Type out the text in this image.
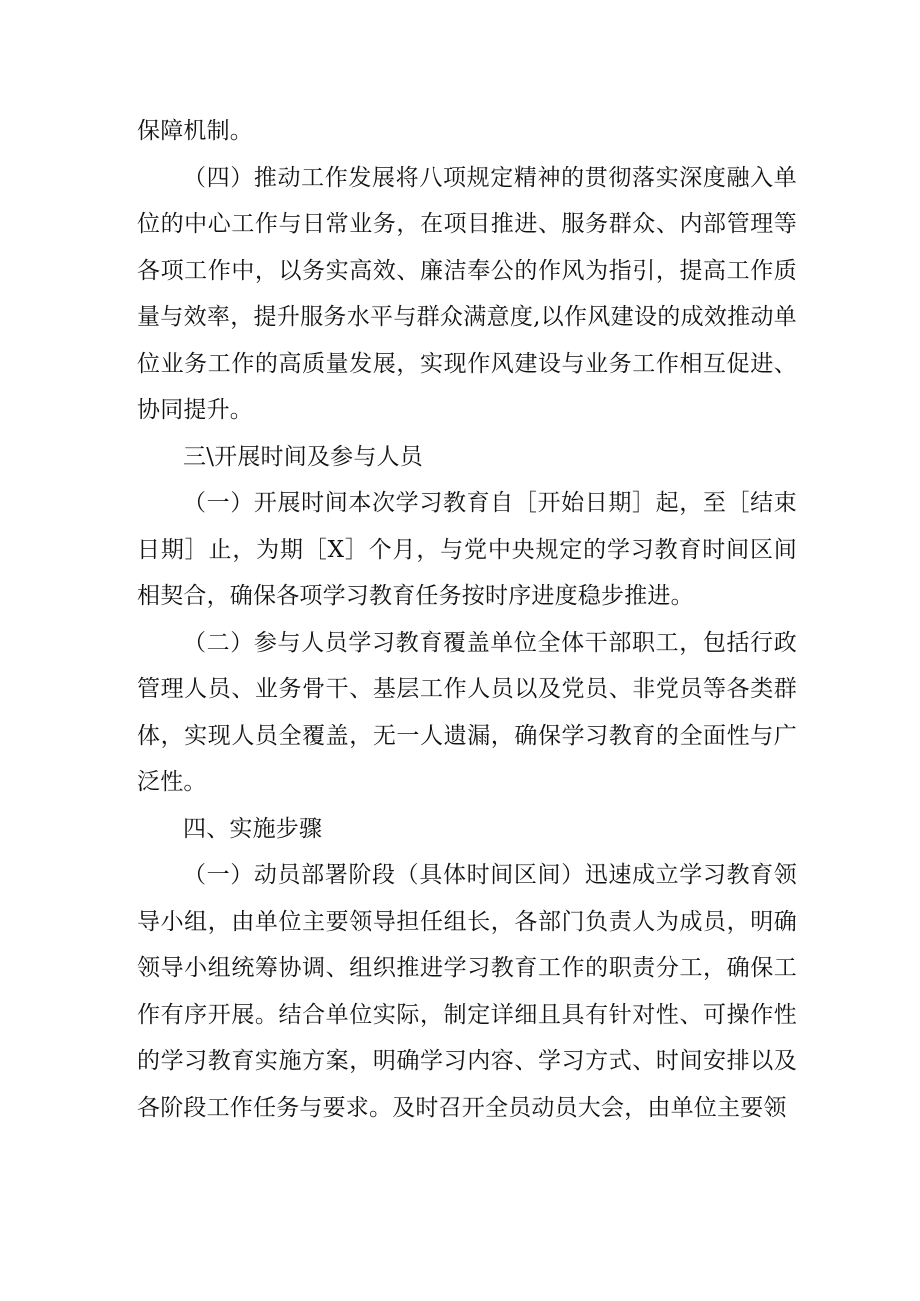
保障机制。

（四）推动工作发展将八项规定精神的贯彻落实深度融入单位的中心工作与日常业务，在项目推进、服务群众、内部管理等各项工作中，以务实高效、廉洁奉公的作风为指引，提高工作质量与效率，提升服务水平与群众满意度,以作风建设的成效推动单位业务工作的高质量发展，实现作风建设与业务工作相互促进、协同提升。

三\开展时间及参与人员

（一）开展时间本次学习教育自［开始日期］起，至［结束日期］止，为期［X］个月，与党中央规定的学习教育时间区间相契合，确保各项学习教育任务按时序进度稳步推进。

（二）参与人员学习教育覆盖单位全体干部职工，包括行政管理人员、业务骨干、基层工作人员以及党员、非党员等各类群体，实现人员全覆盖，无一人遗漏，确保学习教育的全面性与广泛性。

四、实施步骤

（一）动员部署阶段（具体时间区间）迅速成立学习教育领导小组，由单位主要领导担任组长，各部门负责人为成员，明确领导小组统筹协调、组织推进学习教育工作的职责分工，确保工作有序开展。结合单位实际，制定详细且具有针对性、可操作性的学习教育实施方案，明确学习内容、学习方式、时间安排以及各阶段工作任务与要求。及时召开全员动员大会，由单位主要领
